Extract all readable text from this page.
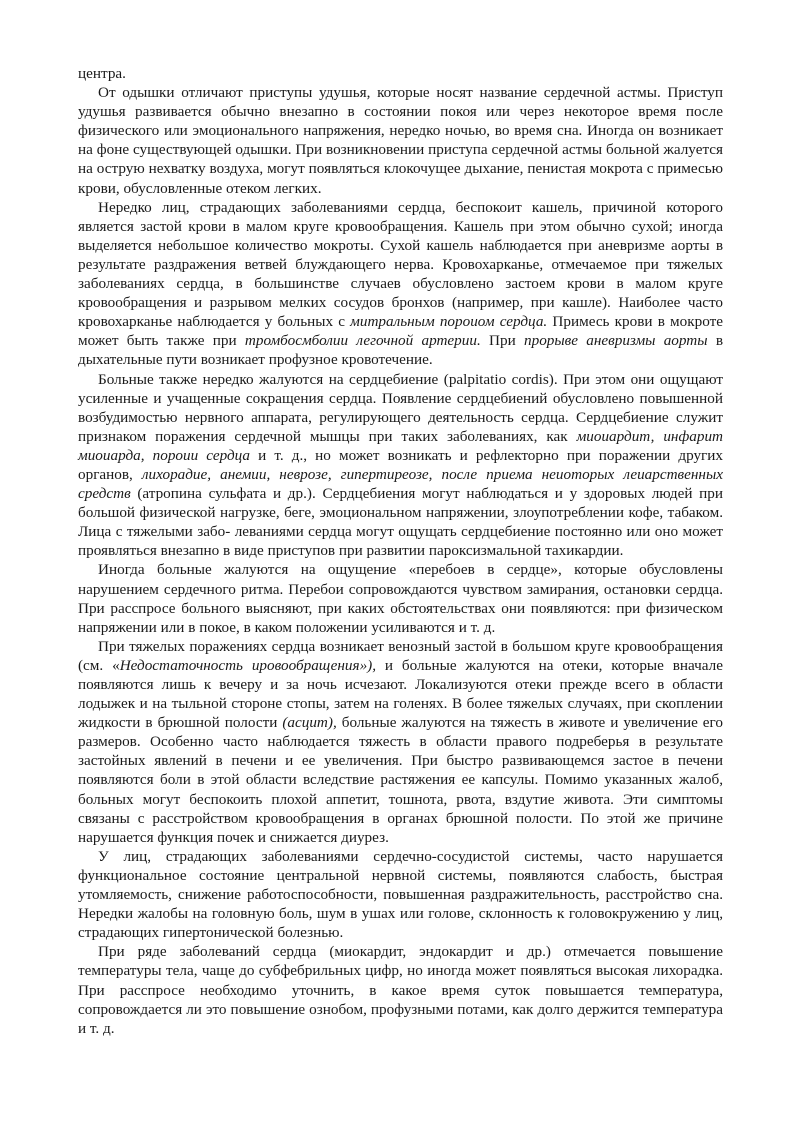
центра.

От одышки отличают приступы удушья, которые носят название сердечной астмы. Приступ удушья развивается обычно внезапно в состоянии покоя или через некоторое время после физического или эмоционального напряжения, нередко ночью, во время сна. Иногда он возникает на фоне существующей одышки. При возникновении приступа сердечной астмы больной жалуется на острую нехватку воздуха, могут появляться клокочущее дыхание, пенистая мокрота с примесью крови, обусловленные отеком легких.

Нередко лиц, страдающих заболеваниями сердца, беспокоит кашель, причиной которого является застой крови в малом круге кровообращения. Кашель при этом обычно сухой; иногда выделяется небольшое количество мокроты. Сухой кашель наблюдается при аневризме аорты в результате раздражения ветвей блуждающего нерва. Кровохарканье, отмечаемое при тяжелых заболеваниях сердца, в большинстве случаев обусловлено застоем крови в малом круге кровообращения и разрывом мелких сосудов бронхов (например, при кашле). Наиболее часто кровохарканье наблюдается у больных с митральным пороиом сердца. Примесь крови в мокроте может быть также при тромбосмболии легочной артерии. При прорыве аневризмы аорты в дыхательные пути возникает профузное кровотечение.

Больные также нередко жалуются на сердцебиение (palpitatio cordis). При этом они ощущают усиленные и учащенные сокращения сердца. Появление сердцебиений обусловлено повышенной возбудимостью нервного аппарата, регулирующего деятельность сердца. Сердцебиение служит признаком поражения сердечной мышцы при таких заболеваниях, как миоиардит, инфарит миоиарда, пороии сердца и т. д., но может возникать и рефлекторно при поражении других органов, лихорадие, анемии, неврозе, гипертиреозе, после приема неиоторых леиарственных средств (атропина сульфата и др.). Сердцебиения могут наблюдаться и у здоровых людей при большой физической нагрузке, беге, эмоциональном напряжении, злоупотреблении кофе, табаком. Лица с тяжелыми забо- леваниями сердца могут ощущать сердцебиение постоянно или оно может проявляться внезапно в виде приступов при развитии пароксизмальной тахикардии.

Иногда больные жалуются на ощущение «перебоев в сердце», которые обусловлены нарушением сердечного ритма. Перебои сопровождаются чувством замирания, остановки сердца. При расспросе больного выясняют, при каких обстоятельствах они появляются: при физическом напряжении или в покое, в каком положении усиливаются и т. д.

При тяжелых поражениях сердца возникает венозный застой в большом круге кровообращения (см. «Недостаточность ировообращения»), и больные жалуются на отеки, которые вначале появляются лишь к вечеру и за ночь исчезают. Локализуются отеки прежде всего в области лодыжек и на тыльной стороне стопы, затем на голенях. В более тяжелых случаях, при скоплении жидкости в брюшной полости (асцит), больные жалуются на тяжесть в животе и увеличение его размеров. Особенно часто наблюдается тяжесть в области правого подреберья в результате застойных явлений в печени и ее увеличения. При быстро развивающемся застое в печени появляются боли в этой области вследствие растяжения ее капсулы. Помимо указанных жалоб, больных могут беспокоить плохой аппетит, тошнота, рвота, вздутие живота. Эти симптомы связаны с расстройством кровообращения в органах брюшной полости. По этой же причине нарушается функция почек и снижается диурез.

У лиц, страдающих заболеваниями сердечно-сосудистой системы, часто нарушается функциональное состояние центральной нервной системы, появляются слабость, быстрая утомляемость, снижение работоспособности, повышенная раздражительность, расстройство сна. Нередки жалобы на головную боль, шум в ушах или голове, склонность к головокружению у лиц, страдающих гипертонической болезнью.

При ряде заболеваний сердца (миокардит, эндокардит и др.) отмечается повышение температуры тела, чаще до субфебрильных цифр, но иногда может появляться высокая лихорадка. При расспросе необходимо уточнить, в какое время суток повышается температура, сопровождается ли это повышение ознобом, профузными потами, как долго держится температура и т. д.
